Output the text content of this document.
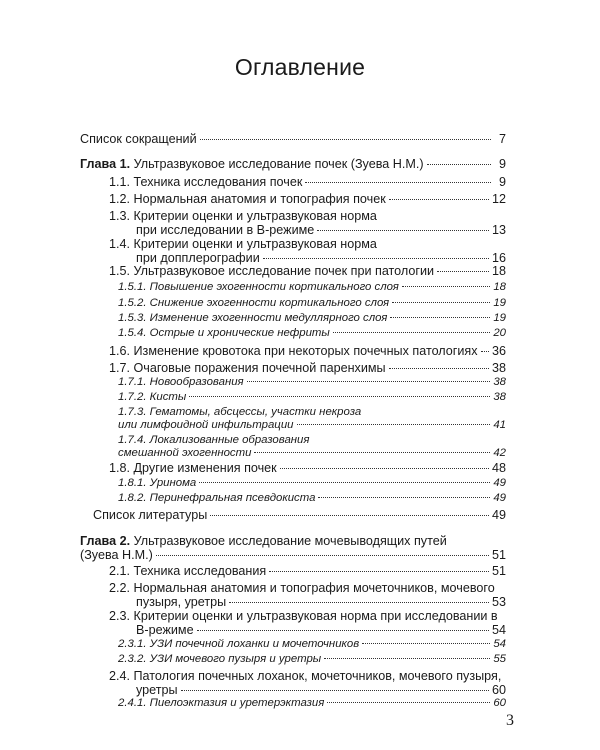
Оглавление
Список сокращений	7
Глава 1. Ультразвуковое исследование почек (Зуева Н.М.)	9
1.1. Техника исследования почек	9
1.2. Нормальная анатомия и топография почек	12
1.3. Критерии оценки и ультразвуковая норма
при исследовании в В-режиме	13
1.4. Критерии оценки и ультразвуковая норма
при допплерографии	16
1.5. Ультразвуковое исследование почек при патологии	18
1.5.1. Повышение эхогенности кортикального слоя	18
1.5.2. Снижение эхогенности кортикального слоя	19
1.5.3. Изменение эхогенности медуллярного слоя	19
1.5.4. Острые и хронические нефриты	20
1.6. Изменение кровотока при некоторых почечных патологиях 36
1.7. Очаговые поражения почечной паренхимы	38
1.7.1. Новообразования	38
1.7.2. Кисты	38
1.7.3. Гематомы, абсцессы, участки некроза
или лимфоидной инфильтрации	41
1.7.4. Локализованные образования
смешанной эхогенности	42
1.8. Другие изменения почек	48
1.8.1. Уринома	49
1.8.2. Перинефральная псевдокиста	49
Список литературы	49
Глава 2. Ультразвуковое исследование мочевыводящих путей
(Зуева Н.М.)	51
2.1. Техника исследования	51
2.2. Нормальная анатомия и топография мочеточников, мочевого
пузыря, уретры	53
2.3. Критерии оценки и ультразвуковая норма при исследовании в
В-режиме	54
2.3.1. УЗИ почечной лоханки и мочеточников	54
2.3.2. УЗИ мочевого пузыря и уретры	55
2.4. Патология почечных лоханок, мочеточников, мочевого пузыря,
уретры	60
2.4.1. Пиелоэктазия и уретерэктазия	60
3
